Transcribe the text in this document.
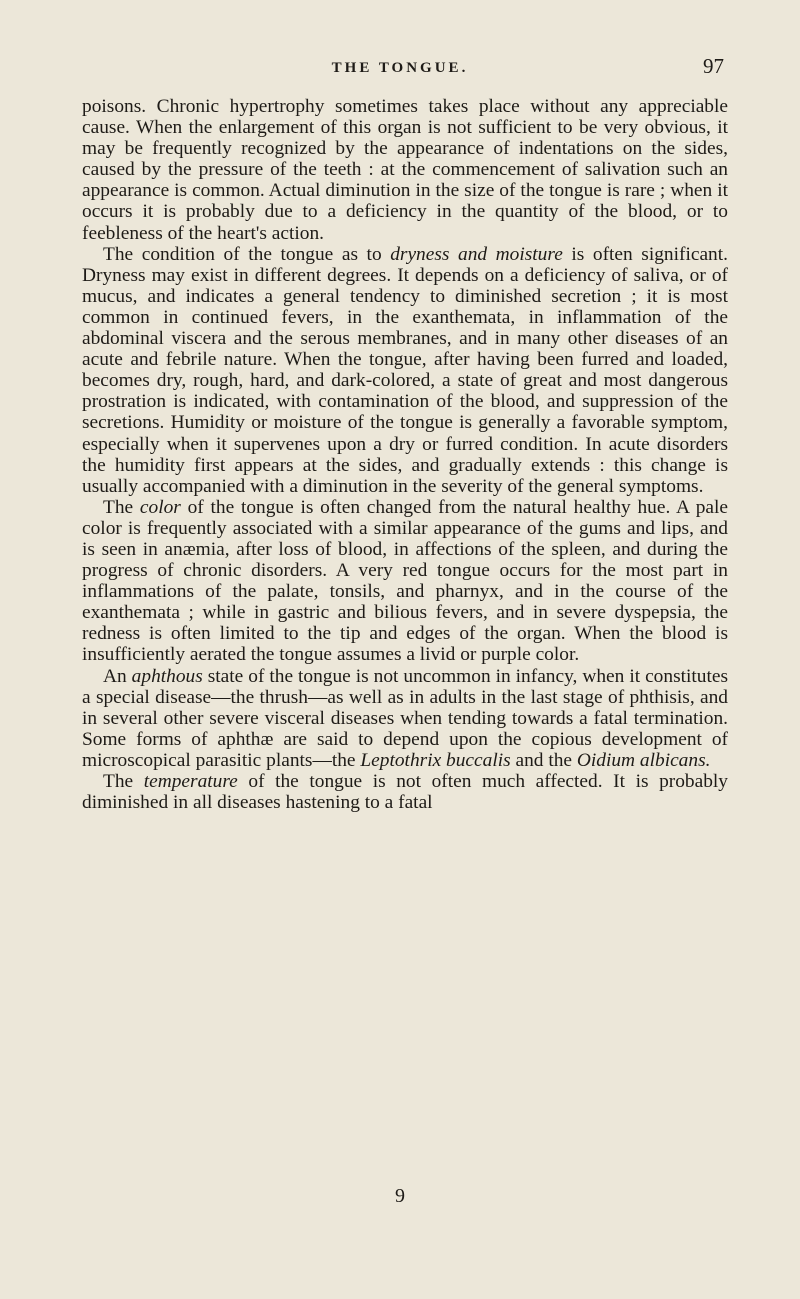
THE TONGUE.	97

poisons. Chronic hypertrophy sometimes takes place without any appreciable cause. When the enlargement of this organ is not sufficient to be very obvious, it may be frequently recognized by the appearance of indentations on the sides, caused by the pressure of the teeth : at the commencement of salivation such an appearance is common. Actual diminution in the size of the tongue is rare ; when it occurs it is probably due to a deficiency in the quantity of the blood, or to feebleness of the heart's action.

The condition of the tongue as to dryness and moisture is often significant. Dryness may exist in different degrees. It depends on a deficiency of saliva, or of mucus, and indicates a general tendency to diminished secretion ; it is most common in continued fevers, in the exanthemata, in inflammation of the abdominal viscera and the serous membranes, and in many other diseases of an acute and febrile nature. When the tongue, after having been furred and loaded, becomes dry, rough, hard, and dark-colored, a state of great and most dangerous prostration is indicated, with contamination of the blood, and suppression of the secretions. Humidity or moisture of the tongue is generally a favorable symptom, especially when it supervenes upon a dry or furred condition. In acute disorders the humidity first appears at the sides, and gradually extends : this change is usually accompanied with a diminution in the severity of the general symptoms.

The color of the tongue is often changed from the natural healthy hue. A pale color is frequently associated with a similar appearance of the gums and lips, and is seen in anæmia, after loss of blood, in affections of the spleen, and during the progress of chronic disorders. A very red tongue occurs for the most part in inflammations of the palate, tonsils, and pharnyx, and in the course of the exanthemata ; while in gastric and bilious fevers, and in severe dyspepsia, the redness is often limited to the tip and edges of the organ. When the blood is insufficiently aerated the tongue assumes a livid or purple color.

An aphthous state of the tongue is not uncommon in infancy, when it constitutes a special disease—the thrush—as well as in adults in the last stage of phthisis, and in several other severe visceral diseases when tending towards a fatal termination. Some forms of aphthæ are said to depend upon the copious development of microscopical parasitic plants—the Leptothrix buccalis and the Oidium albicans.

The temperature of the tongue is not often much affected. It is probably diminished in all diseases hastening to a fatal

9
